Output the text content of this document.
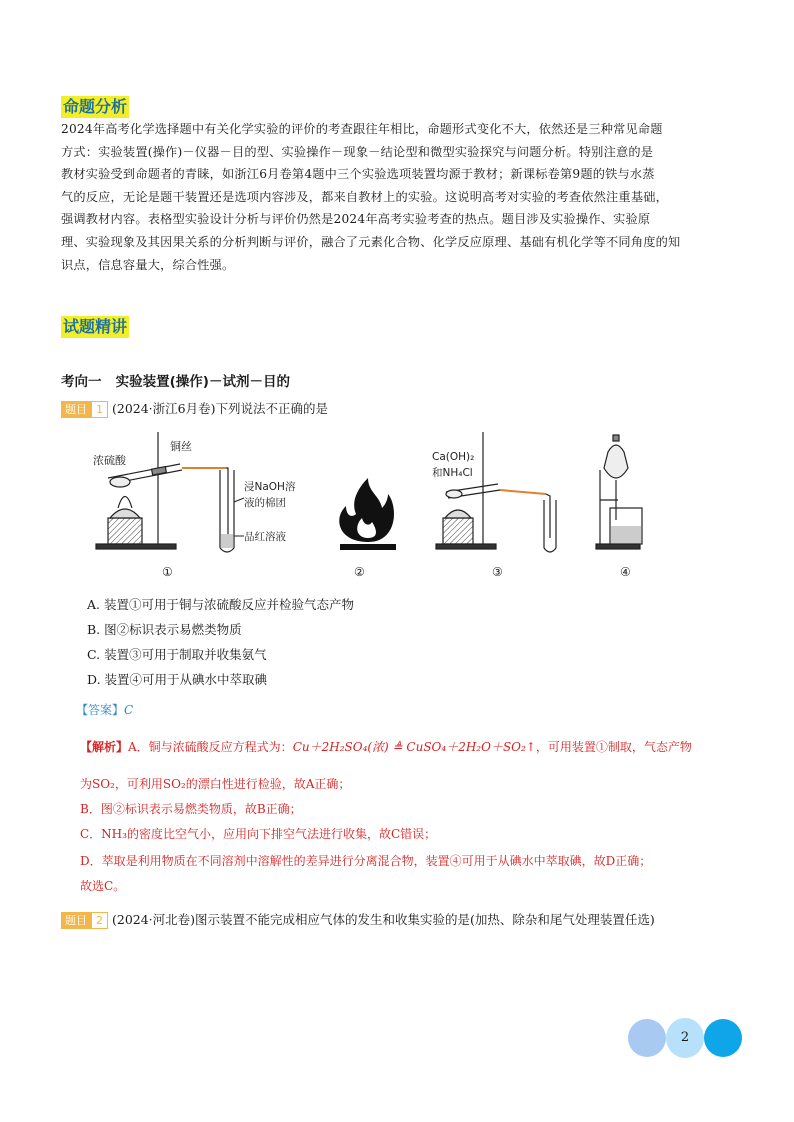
命题分析
2024年高考化学选择题中有关化学实验的评价的考查跟往年相比，命题形式变化不大，依然还是三种常见命题
方式：实验装置(操作)－仪器－目的型、实验操作－现象－结论型和微型实验探究与问题分析。特别注意的是
教材实验受到命题者的青睐，如浙江6月卷第4题中三个实验选项装置均源于教材；新课标卷第9题的铁与水蒸
气的反应，无论是题干装置还是选项内容涉及，都来自教材上的实验。这说明高考对实验的考查依然注重基础，
强调教材内容。表格型实验设计分析与评价仍然是2024年高考实验考查的热点。题目涉及实验操作、实验原
理、实验现象及其因果关系的分析判断与评价，融合了元素化合物、化学反应原理、基础有机化学等不同角度的知
识点，信息容量大，综合性强。
试题精讲
考向一 实验装置(操作)－试剂－目的
题目 1 (2024·浙江6月卷)下列说法不正确的是
浓硫酸
铜丝
浸NaOH溶
液的棉团
品红溶液
①	②
Ca(OH)₂
和NH₄Cl
③	④
A. 装置①可用于铜与浓硫酸反应并检验气态产物
B. 图②标识表示易燃类物质
C. 装置③可用于制取并收集氨气
D. 装置④可用于从碘水中萃取碘
【答案】C
【解析】A．铜与浓硫酸反应方程式为：Cu＋2H₂SO₄(浓) ≜ CuSO₄＋2H₂O＋SO₂↑，可用装置①制取，气态产物
为SO₂，可利用SO₂的漂白性进行检验，故A正确；
B．图②标识表示易燃类物质，故B正确；
C．NH₃的密度比空气小，应用向下排空气法进行收集，故C错误；
D．萃取是利用物质在不同溶剂中溶解性的差异进行分离混合物，装置④可用于从碘水中萃取碘，故D正确；
故选C。
题目 2 (2024·河北卷)图示装置不能完成相应气体的发生和收集实验的是(加热、除杂和尾气处理装置任选)
2
